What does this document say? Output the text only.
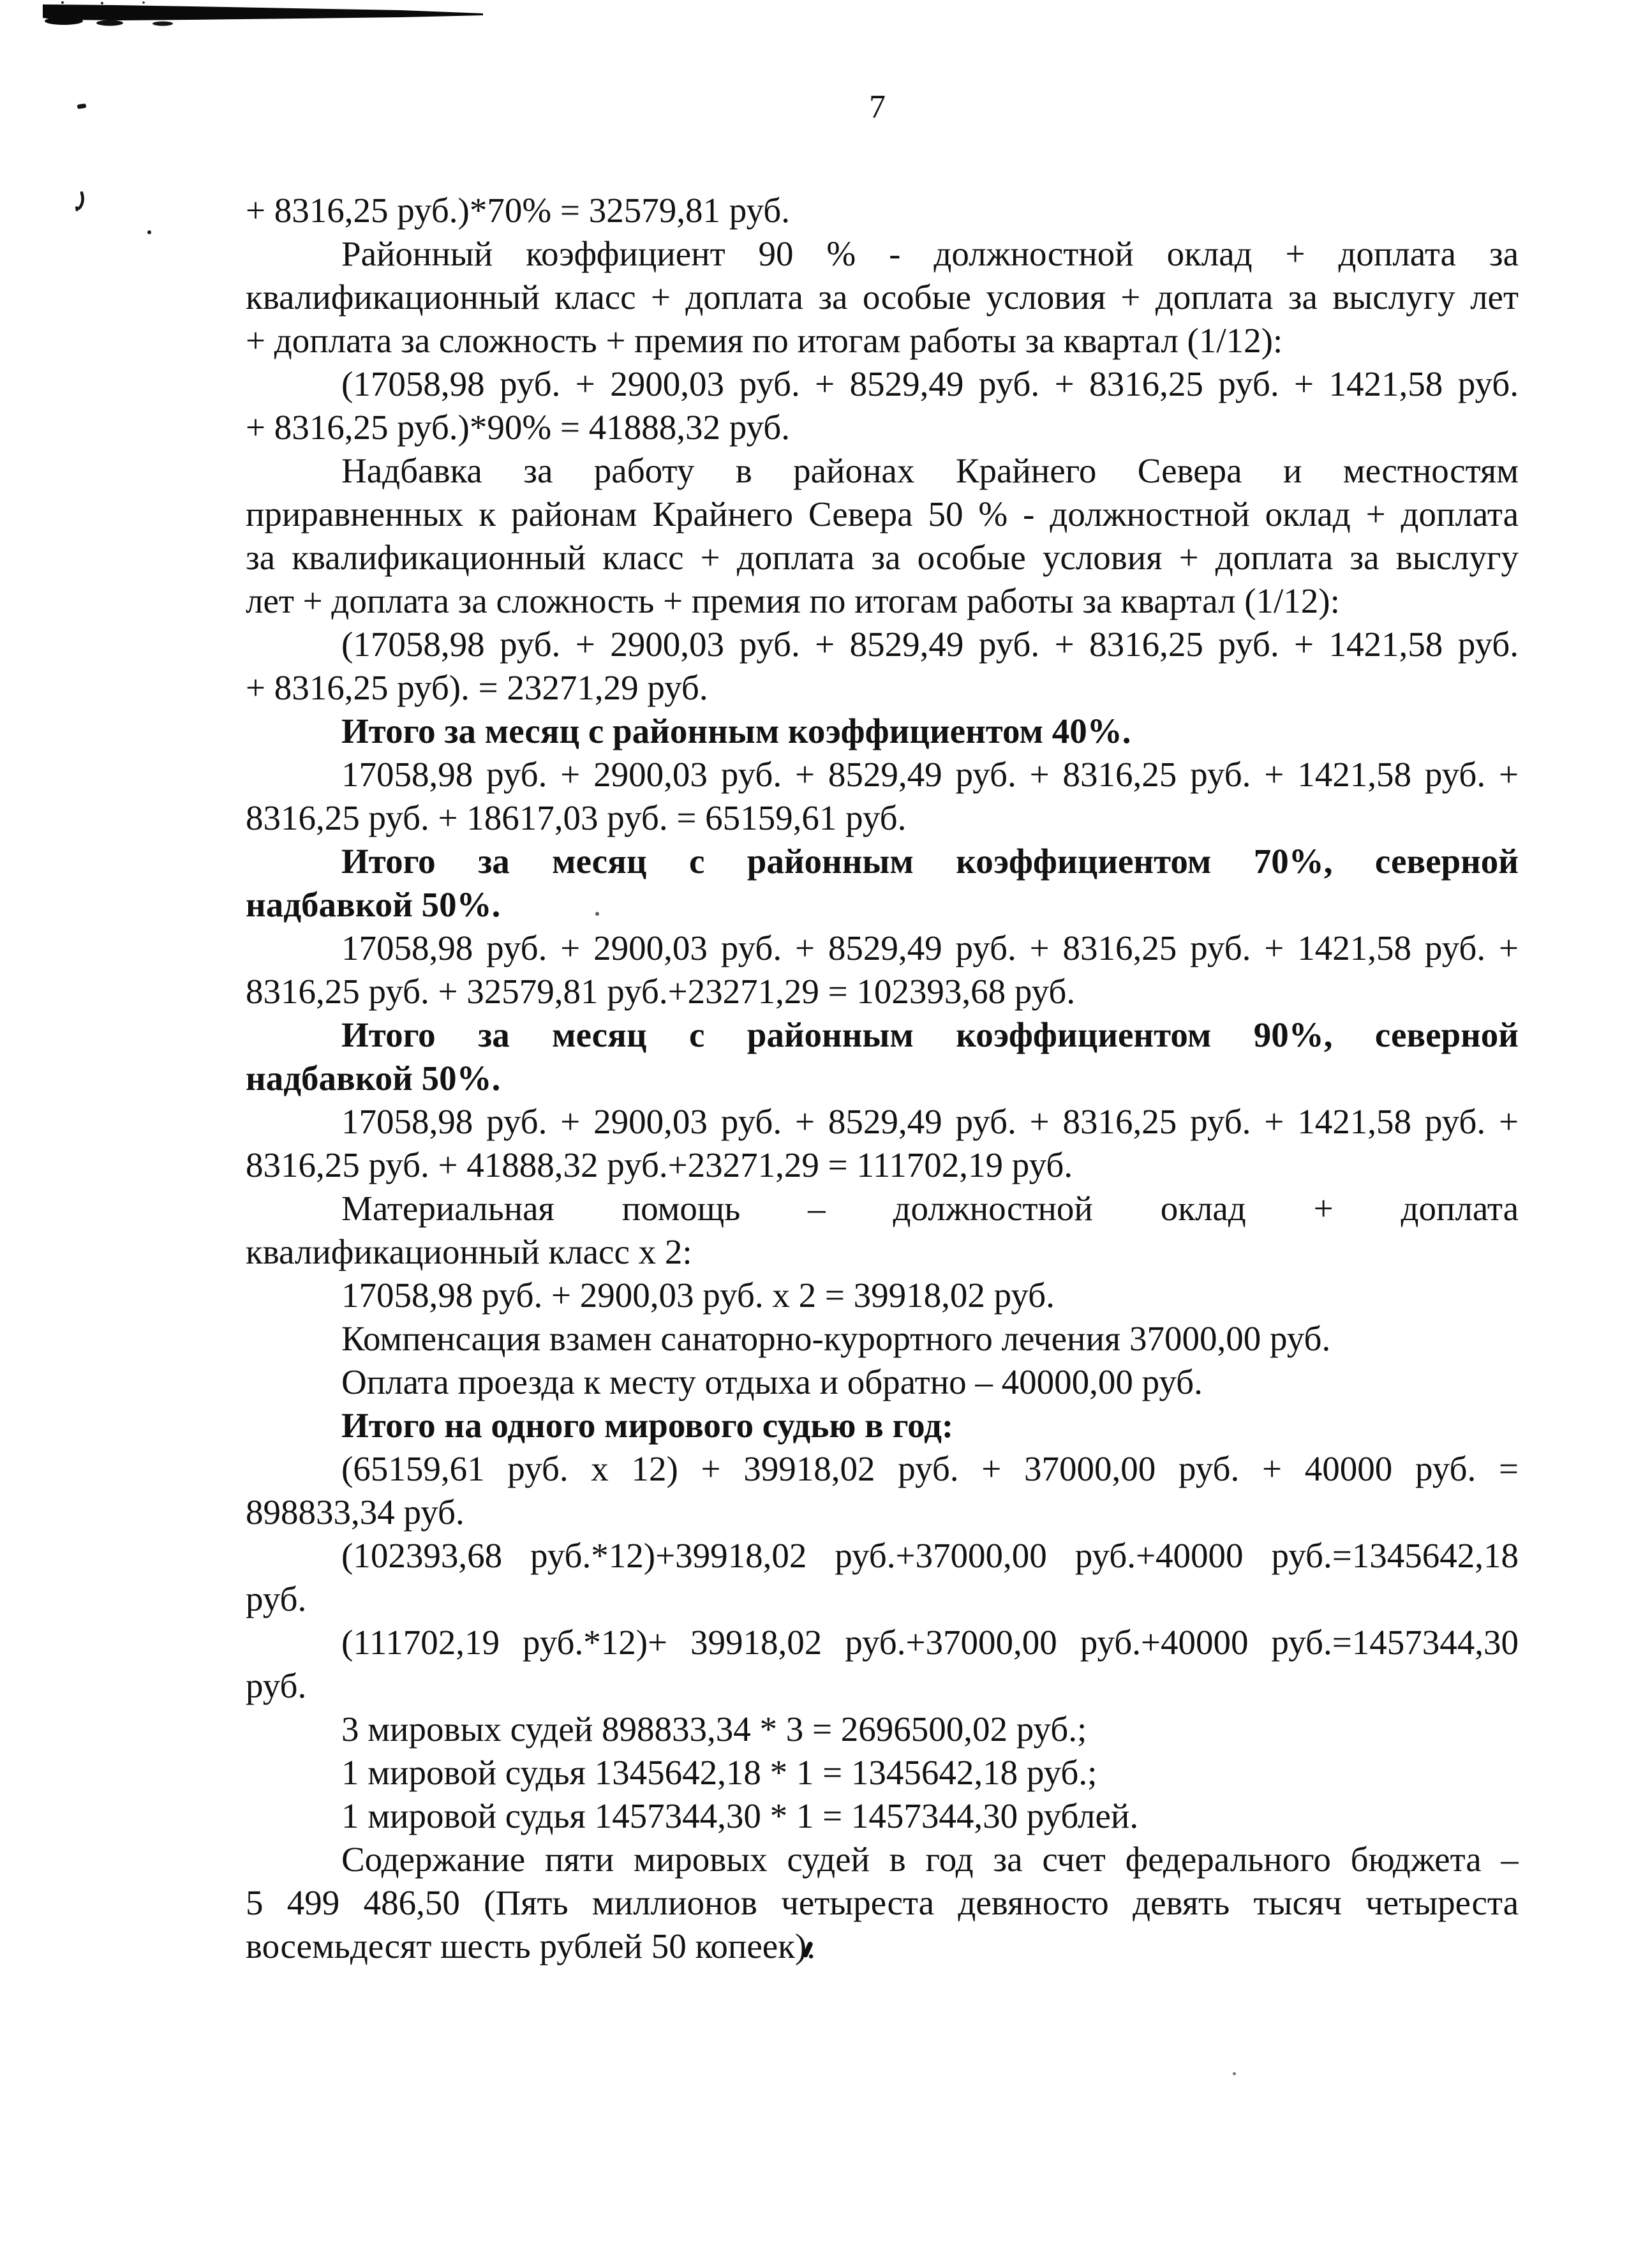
7
+ 8316,25 руб.)*70% = 32579,81 руб.
Районный коэффициент 90 % - должностной оклад + доплата за
квалификационный класс + доплата за особые условия + доплата за выслугу лет
+ доплата за сложность + премия по итогам работы за квартал (1/12):
(17058,98 руб. + 2900,03 руб. + 8529,49 руб. + 8316,25 руб. + 1421,58 руб.
+ 8316,25 руб.)*90% = 41888,32 руб.
Надбавка за работу в районах Крайнего Севера и местностям
приравненных к районам Крайнего Севера 50 % - должностной оклад + доплата
за квалификационный класс + доплата за особые условия + доплата за выслугу
лет + доплата за сложность + премия по итогам работы за квартал (1/12):
(17058,98 руб. + 2900,03 руб. + 8529,49 руб. + 8316,25 руб. + 1421,58 руб.
+ 8316,25 руб). = 23271,29 руб.
Итого за месяц с районным коэффициентом 40%.
17058,98 руб. + 2900,03 руб. + 8529,49 руб. + 8316,25 руб. + 1421,58 руб. +
8316,25 руб. + 18617,03 руб. = 65159,61 руб.
Итого за месяц с районным коэффициентом 70%, северной
надбавкой 50%.
17058,98 руб. + 2900,03 руб. + 8529,49 руб. + 8316,25 руб. + 1421,58 руб. +
8316,25 руб. + 32579,81 руб.+23271,29 = 102393,68 руб.
Итого за месяц с районным коэффициентом 90%, северной
надбавкой 50%.
17058,98 руб. + 2900,03 руб. + 8529,49 руб. + 8316,25 руб. + 1421,58 руб. +
8316,25 руб. + 41888,32 руб.+23271,29 = 111702,19 руб.
Материальная помощь – должностной оклад + доплата
квалификационный класс х 2:
17058,98 руб. + 2900,03 руб. х 2 = 39918,02 руб.
Компенсация взамен санаторно-курортного лечения 37000,00 руб.
Оплата проезда к месту отдыха и обратно – 40000,00 руб.
Итого на одного мирового судью в год:
(65159,61 руб. х 12) + 39918,02 руб. + 37000,00 руб. + 40000 руб. =
898833,34 руб.
(102393,68 руб.*12)+39918,02 руб.+37000,00 руб.+40000 руб.=1345642,18
руб.
(111702,19 руб.*12)+ 39918,02 руб.+37000,00 руб.+40000 руб.=1457344,30
руб.
3 мировых судей 898833,34 * 3 = 2696500,02 руб.;
1 мировой судья 1345642,18 * 1 = 1345642,18 руб.;
1 мировой судья 1457344,30 * 1 = 1457344,30 рублей.
Содержание пяти мировых судей в год за счет федерального бюджета –
5 499 486,50 (Пять миллионов четыреста девяносто девять тысяч четыреста
восемьдесят шесть рублей 50 копеек).
